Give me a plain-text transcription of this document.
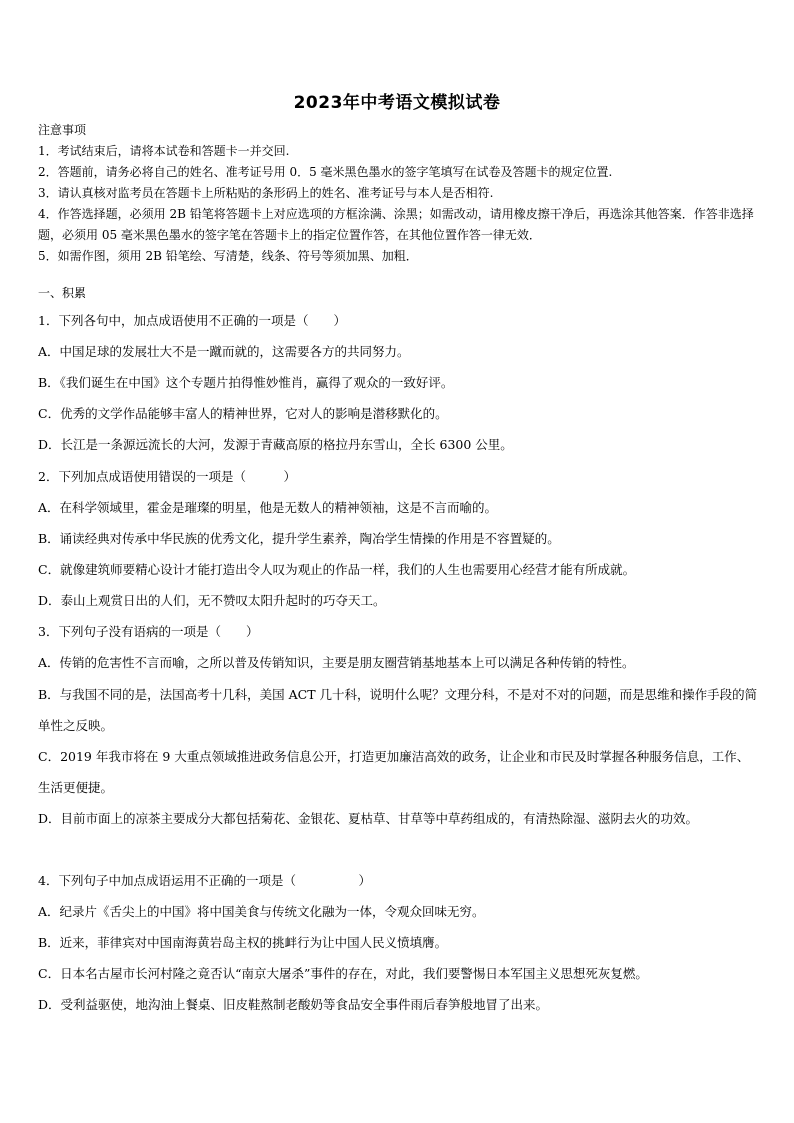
2023年中考语文模拟试卷
注意事项
1．考试结束后，请将本试卷和答题卡一并交回.
2．答题前，请务必将自己的姓名、准考证号用 0．5 毫米黑色墨水的签字笔填写在试卷及答题卡的规定位置.
3．请认真核对监考员在答题卡上所粘贴的条形码上的姓名、准考证号与本人是否相符.
4．作答选择题，必须用 2B 铅笔将答题卡上对应选项的方框涂满、涂黑；如需改动，请用橡皮擦干净后，再选涂其他答案．作答非选择题，必须用 05 毫米黑色墨水的签字笔在答题卡上的指定位置作答，在其他位置作答一律无效．
5．如需作图，须用 2B 铅笔绘、写清楚，线条、符号等须加黑、加粗．
一、积累
1．下列各句中，加点成语使用不正确的一项是（　　）
A．中国足球的发展壮大不是一蹴而就的，这需要各方的共同努力。
B．《我们诞生在中国》这个专题片拍得惟妙惟肖，赢得了观众的一致好评。
C．优秀的文学作品能够丰富人的精神世界，它对人的影响是潜移默化的。
D．长江是一条源远流长的大河，发源于青藏高原的格拉丹东雪山，全长 6300 公里。
2．下列加点成语使用错误的一项是（　　　）
A．在科学领域里，霍金是璀璨的明星，他是无数人的精神领袖，这是不言而喻的。
B．诵读经典对传承中华民族的优秀文化，提升学生素养，陶冶学生情操的作用是不容置疑的。
C．就像建筑师要精心设计才能打造出令人叹为观止的作品一样，我们的人生也需要用心经营才能有所成就。
D．泰山上观赏日出的人们，无不赞叹太阳升起时的巧夺天工。
3．下列句子没有语病的一项是（　　）
A．传销的危害性不言而喻，之所以普及传销知识，主要是朋友圈营销基地基本上可以满足各种传销的特性。
B．与我国不同的是，法国高考十几科，美国 ACT 几十科，说明什么呢？文理分科，不是对不对的问题，而是思维和操作手段的简单性之反映。
C．2019 年我市将在 9 大重点领域推进政务信息公开，打造更加廉洁高效的政务，让企业和市民及时掌握各种服务信息，工作、生活更便捷。
D．目前市面上的凉茶主要成分大都包括菊花、金银花、夏枯草、甘草等中草药组成的，有清热除湿、滋阴去火的功效。
4．下列句子中加点成语运用不正确的一项是（　　　　　）
A．纪录片《舌尖上的中国》将中国美食与传统文化融为一体，令观众回味无穷。
B．近来，菲律宾对中国南海黄岩岛主权的挑衅行为让中国人民义愤填膺。
C．日本名古屋市长河村隆之竟否认“南京大屠杀”事件的存在，对此，我们要警惕日本军国主义思想死灰复燃。
D．受利益驱使，地沟油上餐桌、旧皮鞋熬制老酸奶等食品安全事件雨后春笋般地冒了出来。
